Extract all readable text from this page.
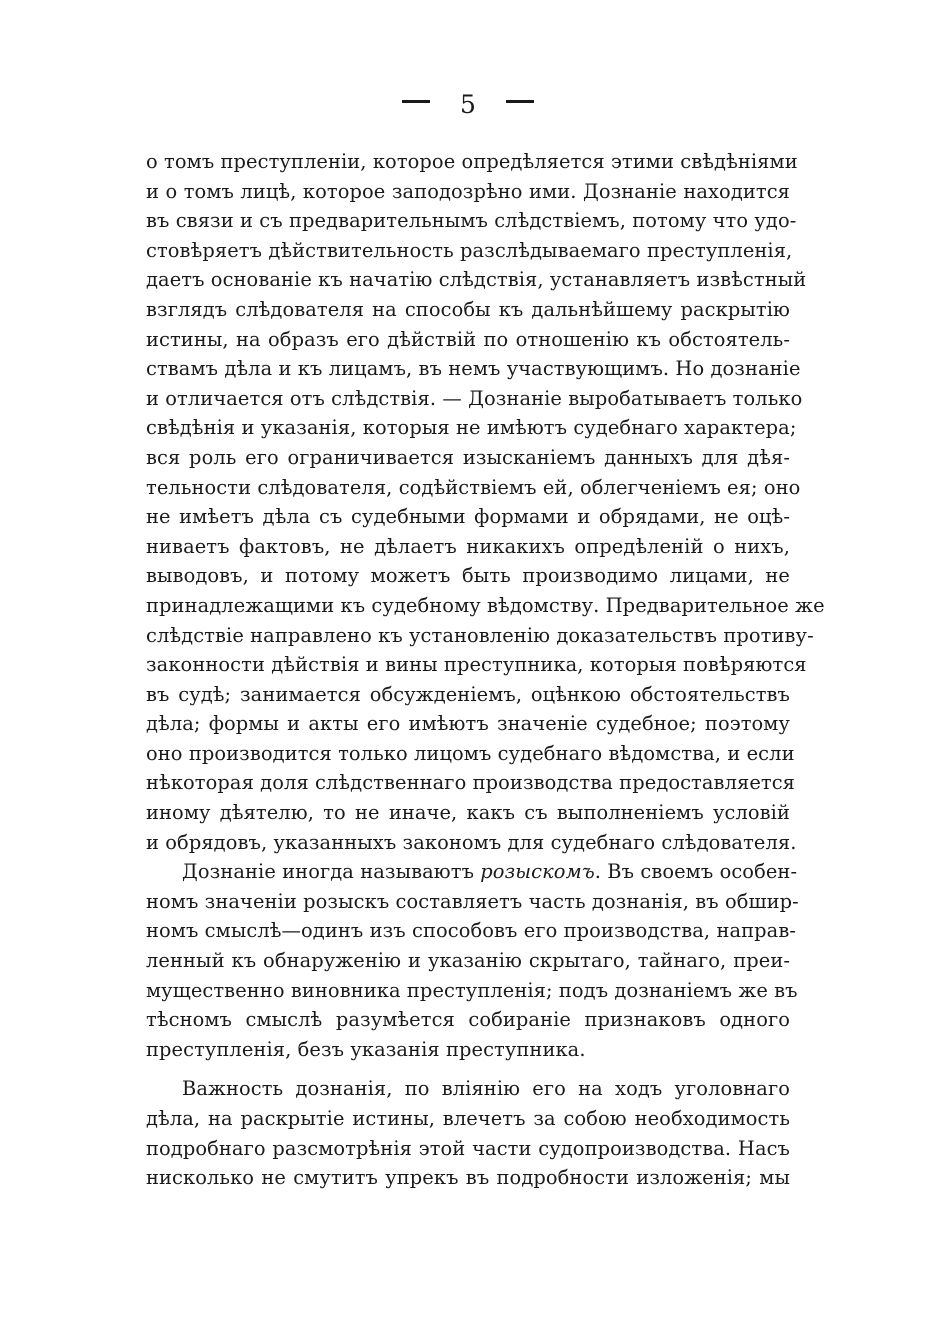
5
о томъ преступленіи, которое опредѣляется этими свѣдѣніями
и о томъ лицѣ, которое заподозрѣно ими. Дознаніе находится
въ связи и съ предварительнымъ слѣдствіемъ, потому что удо-
стовѣряетъ дѣйствительность разслѣдываемаго преступленія,
даетъ основаніе къ начатію слѣдствія, устанавляетъ извѣстный
взглядъ слѣдователя на способы къ дальнѣйшему раскрытію
истины, на образъ его дѣйствій по отношенію къ обстоятель-
ствамъ дѣла и къ лицамъ, въ немъ участвующимъ. Но дознаніе
и отличается отъ слѣдствія. — Дознаніе выробатываетъ только
свѣдѣнія и указанія, которыя не имѣютъ судебнаго характера;
вся роль его ограничивается изысканіемъ данныхъ для дѣя-
тельности слѣдователя, содѣйствіемъ ей, облегченіемъ ея; оно
не имѣетъ дѣла съ судебными формами и обрядами, не оцѣ-
ниваетъ фактовъ, не дѣлаетъ никакихъ опредѣленій о нихъ,
выводовъ, и потому можетъ быть производимо лицами, не
принадлежащими къ судебному вѣдомству. Предварительное же
слѣдствіе направлено къ установленію доказательствъ противу-
законности дѣйствія и вины преступника, которыя повѣряются
въ судѣ; занимается обсужденіемъ, оцѣнкою обстоятельствъ
дѣла; формы и акты его имѣютъ значеніе судебное; поэтому
оно производится только лицомъ судебнаго вѣдомства, и если
нѣкоторая доля слѣдственнаго производства предоставляется
иному дѣятелю, то не иначе, какъ съ выполненіемъ условій
и обрядовъ, указанныхъ закономъ для судебнаго слѣдователя.
Дознаніе иногда называютъ розыскомъ. Въ своемъ особен-
номъ значеніи розыскъ составляетъ часть дознанія, въ обшир-
номъ смыслѣ—одинъ изъ способовъ его производства, направ-
ленный къ обнаруженію и указанію скрытаго, тайнаго, преи-
мущественно виновника преступленія; подъ дознаніемъ же въ
тѣсномъ смыслѣ разумѣется собираніе признаковъ одного
преступленія, безъ указанія преступника.
Важность дознанія, по вліянію его на ходъ уголовнаго
дѣла, на раскрытіе истины, влечетъ за собою необходимость
подробнаго разсмотрѣнія этой части судопроизводства. Насъ
нисколько не смутитъ упрекъ въ подробности изложенія; мы
